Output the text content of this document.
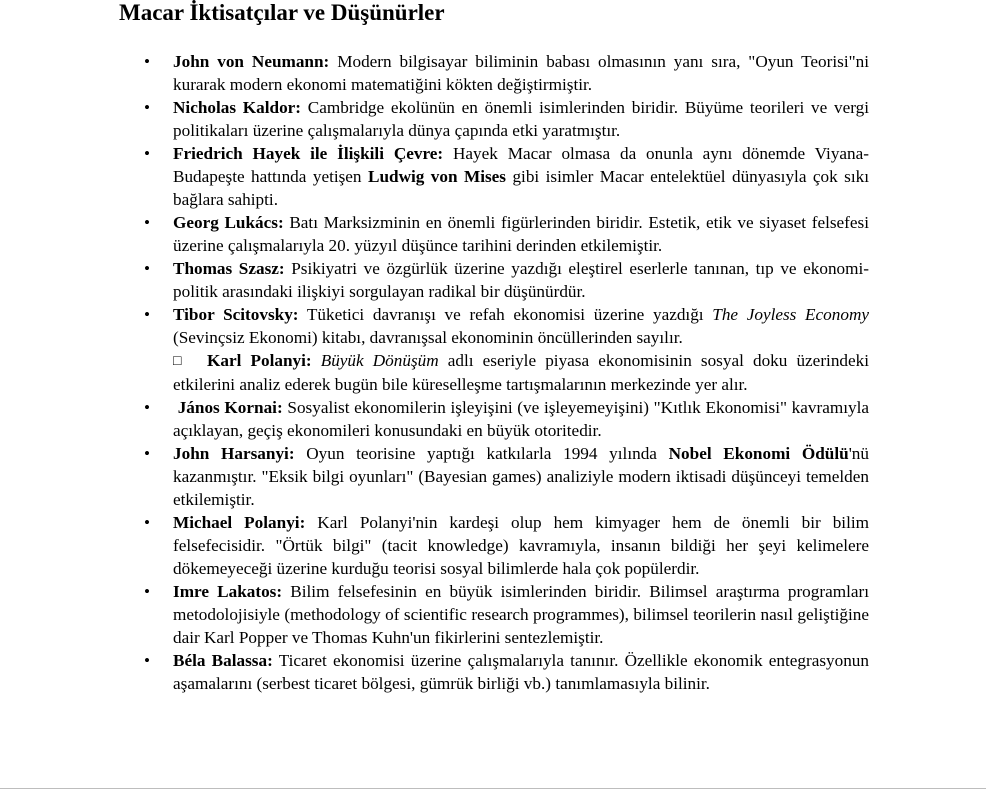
Macar İktisatçılar ve Düşünürler
•
John von Neumann: Modern bilgisayar biliminin babası olmasının yanı sıra, "Oyun Teorisi"ni kurarak modern ekonomi matematiğini kökten değiştirmiştir.
•
Nicholas Kaldor: Cambridge ekolünün en önemli isimlerinden biridir. Büyüme teorileri ve vergi politikaları üzerine çalışmalarıyla dünya çapında etki yaratmıştır.
•
Friedrich Hayek ile İlişkili Çevre: Hayek Macar olmasa da onunla aynı dönemde Viyana-Budapeşte hattında yetişen Ludwig von Mises gibi isimler Macar entelektüel dünyasıyla çok sıkı bağlara sahipti.
•
Georg Lukács: Batı Marksizminin en önemli figürlerinden biridir. Estetik, etik ve siyaset felsefesi üzerine çalışmalarıyla 20. yüzyıl düşünce tarihini derinden etkilemiştir.
•
Thomas Szasz: Psikiyatri ve özgürlük üzerine yazdığı eleştirel eserlerle tanınan, tıp ve ekonomi-politik arasındaki ilişkiyi sorgulayan radikal bir düşünürdür.
•
Tibor Scitovsky: Tüketici davranışı ve refah ekonomisi üzerine yazdığı The Joyless Economy (Sevinçsiz Ekonomi) kitabı, davranışsal ekonominin öncüllerinden sayılır.
□ Karl Polanyi: Büyük Dönüşüm adlı eseriyle piyasa ekonomisinin sosyal doku üzerindeki etkilerini analiz ederek bugün bile küreselleşme tartışmalarının merkezinde yer alır.
•
János Kornai: Sosyalist ekonomilerin işleyişini (ve işleyemeyişini) "Kıtlık Ekonomisi" kavramıyla açıklayan, geçiş ekonomileri konusundaki en büyük otoritedir.
•
John Harsanyi: Oyun teorisine yaptığı katkılarla 1994 yılında Nobel Ekonomi Ödülü'nü kazanmıştır. "Eksik bilgi oyunları" (Bayesian games) analiziyle modern iktisadi düşünceyi temelden etkilemiştir.
•
Michael Polanyi: Karl Polanyi'nin kardeşi olup hem kimyager hem de önemli bir bilim felsefecisidir. "Örtük bilgi" (tacit knowledge) kavramıyla, insanın bildiği her şeyi kelimelere dökemeyeceği üzerine kurduğu teorisi sosyal bilimlerde hala çok popülerdir.
•
Imre Lakatos: Bilim felsefesinin en büyük isimlerinden biridir. Bilimsel araştırma programları metodolojisiyle (methodology of scientific research programmes), bilimsel teorilerin nasıl geliştiğine dair Karl Popper ve Thomas Kuhn'un fikirlerini sentezlemiştir.
•
Béla Balassa: Ticaret ekonomisi üzerine çalışmalarıyla tanınır. Özellikle ekonomik entegrasyonun aşamalarını (serbest ticaret bölgesi, gümrük birliği vb.) tanımlamasıyla bilinir.
